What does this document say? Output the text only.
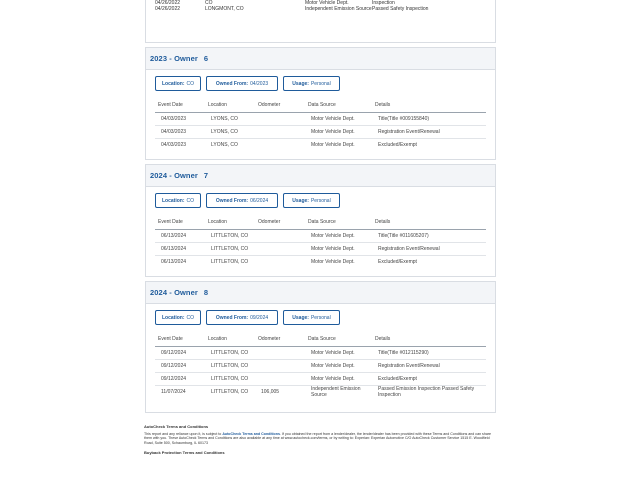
04/26/2022	CO		Motor Vehicle Dept.	Inspection
04/26/2022	LONGMONT, CO		Independent Emission Source	Passed Safety Inspection
2023 - Owner 6
Location: CO	Owned From: 04/2023	Usage: Personal
Event Date	Location	Odometer	Data Source	Details
04/03/2023	LYONS, CO		Motor Vehicle Dept.	Title(Title #009155840)
04/03/2023	LYONS, CO		Motor Vehicle Dept.	Registration Event/Renewal
04/03/2023	LYONS, CO		Motor Vehicle Dept.	Excluded/Exempt
2024 - Owner 7
Location: CO	Owned From: 06/2024	Usage: Personal
Event Date	Location	Odometer	Data Source	Details
06/13/2024	LITTLETON, CO		Motor Vehicle Dept.	Title(Title #011605207)
06/13/2024	LITTLETON, CO		Motor Vehicle Dept.	Registration Event/Renewal
06/13/2024	LITTLETON, CO		Motor Vehicle Dept.	Excluded/Exempt
2024 - Owner 8
Location: CO	Owned From: 09/2024	Usage: Personal
Event Date	Location	Odometer	Data Source	Details
09/12/2024	LITTLETON, CO		Motor Vehicle Dept.	Title(Title #012115290)
09/12/2024	LITTLETON, CO		Motor Vehicle Dept.	Registration Event/Renewal
09/12/2024	LITTLETON, CO		Motor Vehicle Dept.	Excluded/Exempt
11/07/2024	LITTLETON, CO	106,005	Independent Emission Source	Passed Emission Inspection Passed Safety Inspection
AutoCheck Terms and Conditions
This report and any reliance upon it, is subject to AutoCheck Terms and Conditions. If you obtained the report from a lender/dealer, the lender/dealer has been provided with these Terms and Conditions and can share them with you. These AutoCheck Terms and Conditions are also available at any time at www.autocheck.com/terms, or by writing to: Experian: Experian Automotive C/O AutoCheck Customer Service 1515 E. Woodfield Road, Suite 500, Schaumburg, IL 60173
Buyback Protection Terms and Conditions
